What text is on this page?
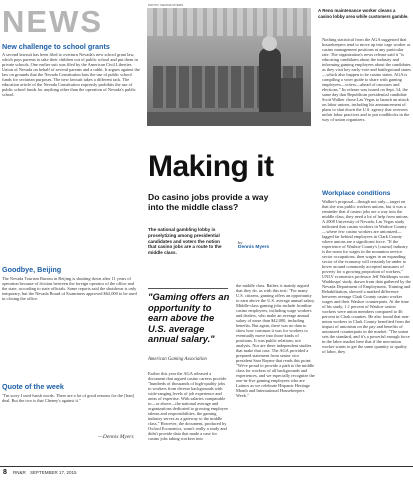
NEWS	PHOTO: DENNIS MYERS
A Reno maintenance worker cleans a casino lobby area while customers gamble.
New challenge to school grants
A second lawsuit has been filed to overturn Nevada's new school grant law, which pays parents to take their children out of public school and put them in private schools. One earlier suit was filed by the American Civil Liberties Union of Nevada on behalf of several parents and a rabbi. It argues against the law on grounds that the Nevada Constitution bars the use of public school funds for sectarian purposes. The new lawsuit takes a different tack. The education article of the Nevada Constitution expressly prohibits the use of public school funds for anything other than the operation of Nevada's public school.
Goodbye, Beijing
The Nevada Tourism Bureau in Beijing is shutting down after 11 years of operation because of friction between the foreign operator of the office and the state, according to state officials. Some reports said the shutdown is only temporary, but the Nevada Board of Examiners approved $62,000 to be used in closing the office.
Quote of the week
"I'm sorry I used harsh words. There are a lot of good reasons for the [Iran] deal. But the two is that Cheney's against it."
—Dennis Myers
8 RN&R SEPTEMBER 17, 2015
Making it
Do casino jobs provide a way into the middle class?
The national gambling lobby is proselytizing among presidential candidates and voters the notion that casino jobs are a route to the middle class.
by
Dennis Myers
"Gaming offers an opportunity to earn above the U.S. average annual salary."
American Gaming Association
Earlier this year the AGA released a document that argued casino careers provide "hundreds of thousands of high-quality jobs to workers from diverse backgrounds with wide-ranging levels of job experience and areas of expertise. With salaries comparable to—or above—the national average and organizations dedicated to growing employee talents and responsibilities, the gaming industry serves as a gateway to the middle class." However, the document, produced by Oxford Economics, wasn't really a study and didn't provide data that made a case for casino jobs taking workers into
the middle class. Rather, it mainly argued that they do, as with this text: "For many U.S. citizens, gaming offers an opportunity to earn above the U.S. average annual salary. Middle-class gaming jobs include frontline casino employees, including wage workers and dealers, who make an average annual salary of more than $42,000, including benefits. But again, there was no data to show how common it was for workers to eventually move into those kinds of positions. It was public relations, not analysis. Nor are there independent studies that make that case. The AGA provided a prepared statement from senior vice president Sara Rayme that reads this point: "We're proud to provide a path to the middle class for workers of all backgrounds and experiences, and we especially recognize the one-in-five gaming employees who are Latinos as we celebrate Hispanic Heritage Month and International Housekeepers Week."
Nothing statistical from the AGA suggested that housekeepers tend to move up into cage worker or casino management positions at any particular rate. The organization's news release said it "is educating candidates about the industry and informing gaming employees about the candidates as they visit key early-vote and battleground states—which also happen to be casino states. AGA is compiling a voter guide to share with gaming employees—voters—ahead of caucuses and elections." Its release was issued on Sept. 14, the same day that Republican presidential candidate Scott Walker chose Las Vegas to launch an attack on labor unions, including his announcement of plans to shut down the U.S. agency that oversees unfair labor practices and to put roadblocks in the way of union organizers.
Workplace conditions
Walker's proposal—though not only—target on that she was public workers unions, but it was a reminder that if casino jobs are a way into the middle class, they need a lot of help from unions. A 2008 University of Nevada, Las Vegas study indicated that casino workers in Washoe County—where few casino workers are unionized—lagged far behind employees in Clark County where unions are a significant force. "If the experience of Washoe County's [casino] industry is the norm for wages in the nonunion service sector occupations, then wages in an expanding sector of the economy will certainly be under to hover around commonly accepted measures of poverty for a growing proportion of workers," UNLV economics professor Jeff Waddoups wrote. Waddoups' study, drawn from data gathered by the Nevada Department of Employment, Training and Rehabilitation, showed a marked difference between average Clark County casino worker wages and their Washoe counterparts. At the time of his study, 1.1 percent of Washoe casino workers were union members compared to 46 percent in Clark counties. He also found that non-union workers in Clark County benefited from the impact of unionism on the pay and benefits of unionized counterparts in the market. "The union sets the standard, and it's a powerful enough force in the labor market here that if the non-union worker wants to get the same quantity or quality of labor, they
